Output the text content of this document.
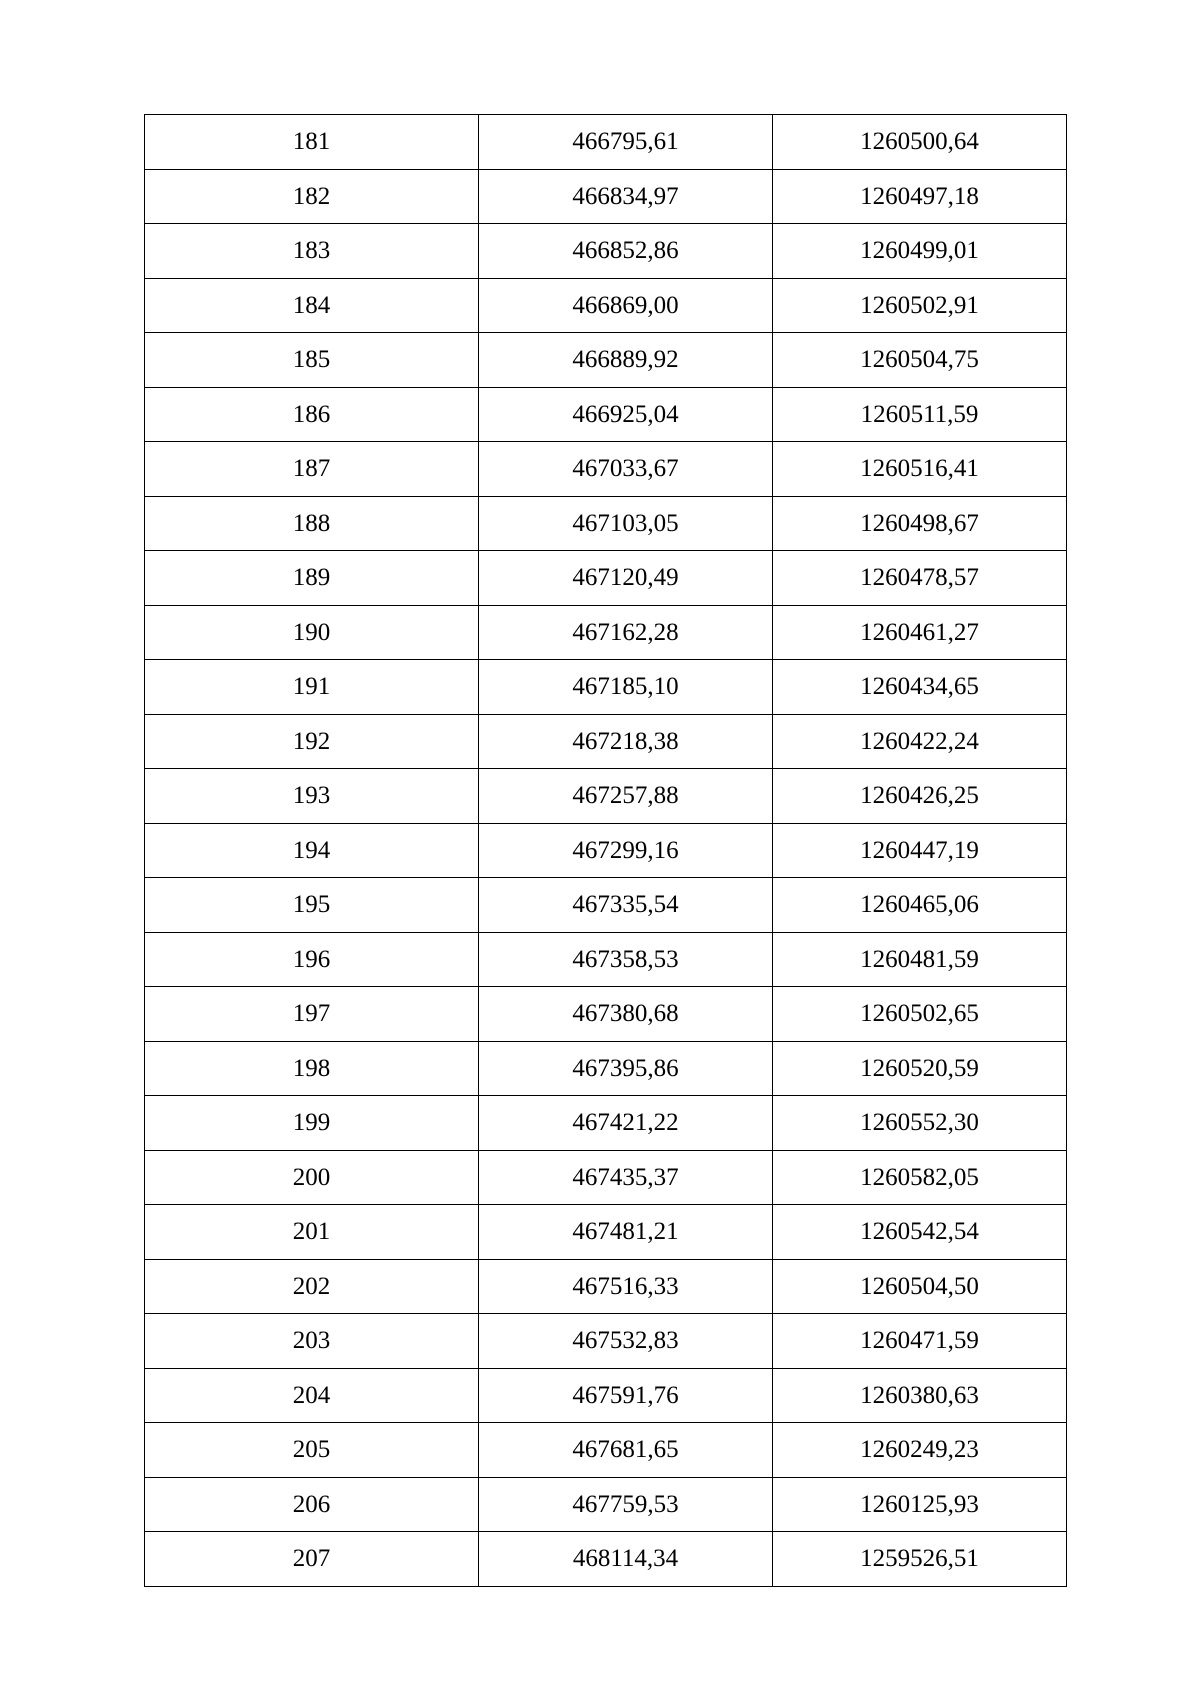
181	466795,61	1260500,64
182	466834,97	1260497,18
183	466852,86	1260499,01
184	466869,00	1260502,91
185	466889,92	1260504,75
186	466925,04	1260511,59
187	467033,67	1260516,41
188	467103,05	1260498,67
189	467120,49	1260478,57
190	467162,28	1260461,27
191	467185,10	1260434,65
192	467218,38	1260422,24
193	467257,88	1260426,25
194	467299,16	1260447,19
195	467335,54	1260465,06
196	467358,53	1260481,59
197	467380,68	1260502,65
198	467395,86	1260520,59
199	467421,22	1260552,30
200	467435,37	1260582,05
201	467481,21	1260542,54
202	467516,33	1260504,50
203	467532,83	1260471,59
204	467591,76	1260380,63
205	467681,65	1260249,23
206	467759,53	1260125,93
207	468114,34	1259526,51
